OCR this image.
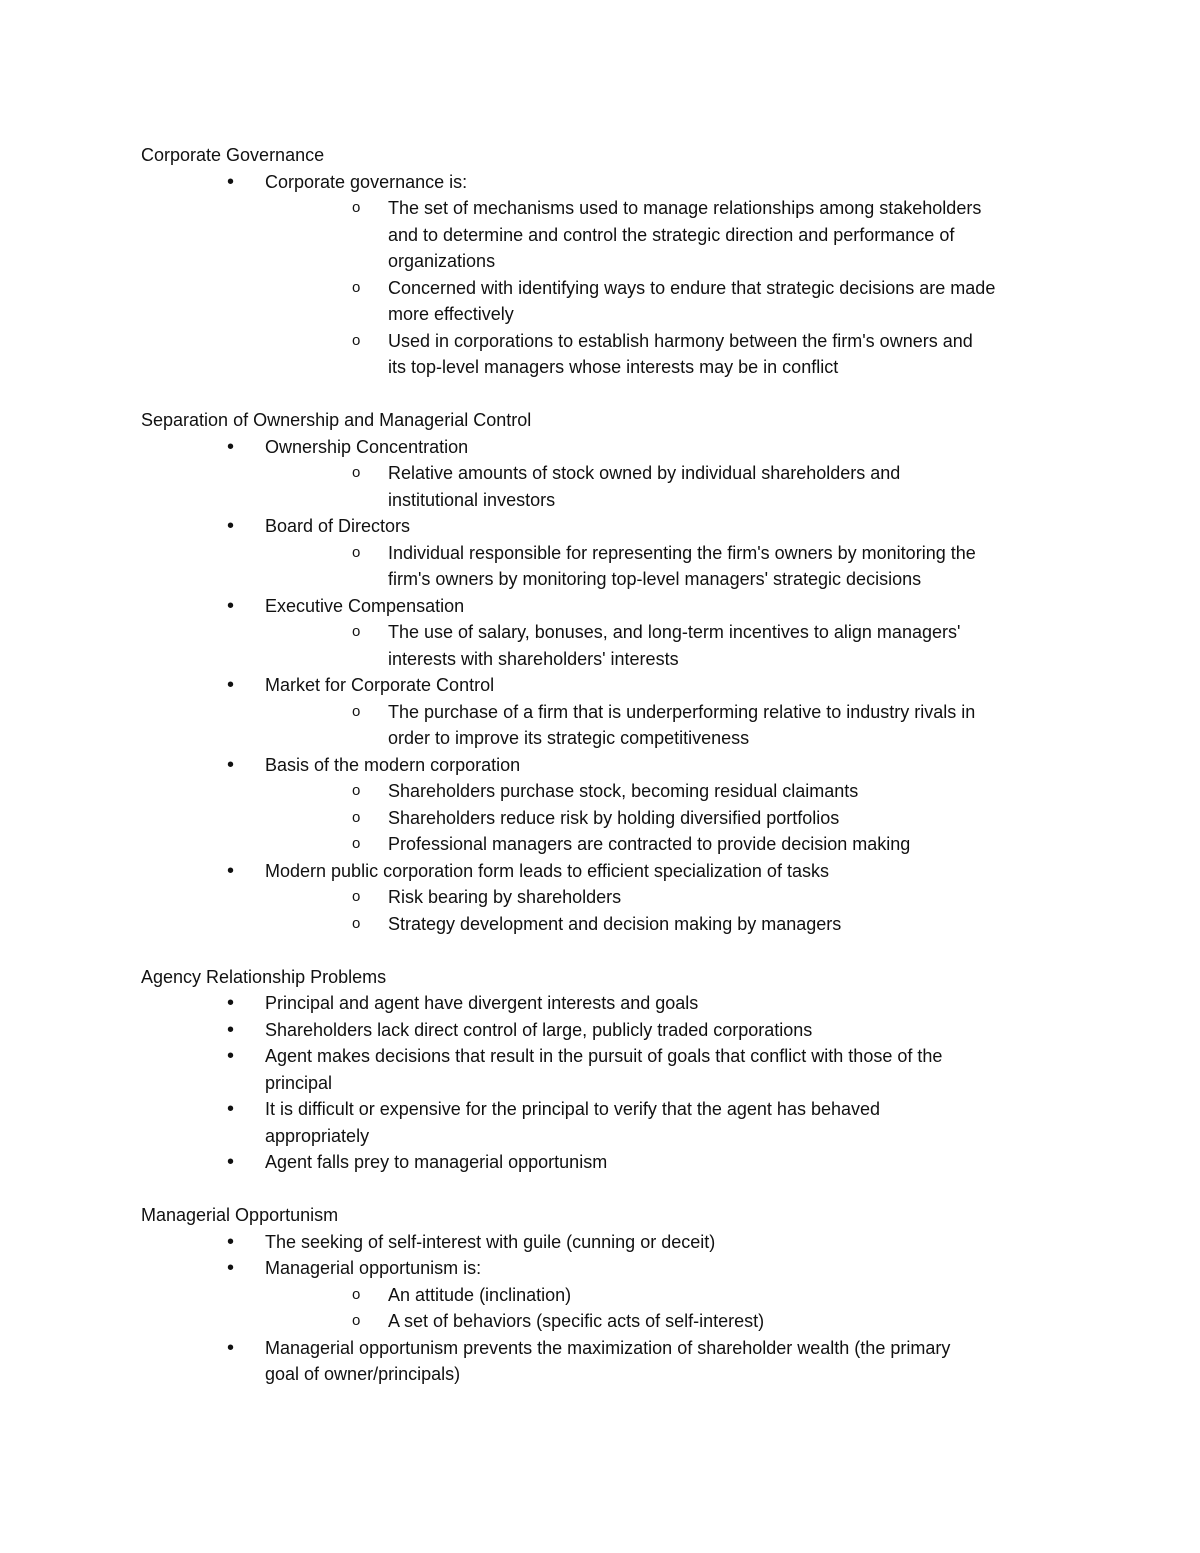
Corporate Governance
•	Corporate governance is:
o	The set of mechanisms used to manage relationships among stakeholders
and to determine and control the strategic direction and performance of
organizations
o	Concerned with identifying ways to endure that strategic decisions are made
more effectively
o	Used in corporations to establish harmony between the firm's owners and
its top-level managers whose interests may be in conflict
Separation of Ownership and Managerial Control
•	Ownership Concentration
o	Relative amounts of stock owned by individual shareholders and
institutional investors
•	Board of Directors
o	Individual responsible for representing the firm's owners by monitoring the
firm's owners by monitoring top-level managers' strategic decisions
•	Executive Compensation
o	The use of salary, bonuses, and long-term incentives to align managers'
interests with shareholders' interests
•	Market for Corporate Control
o	The purchase of a firm that is underperforming relative to industry rivals in
order to improve its strategic competitiveness
•	Basis of the modern corporation
o	Shareholders purchase stock, becoming residual claimants
o	Shareholders reduce risk by holding diversified portfolios
o	Professional managers are contracted to provide decision making
•	Modern public corporation form leads to efficient specialization of tasks
o	Risk bearing by shareholders
o	Strategy development and decision making by managers
Agency Relationship Problems
•	Principal and agent have divergent interests and goals
•	Shareholders lack direct control of large, publicly traded corporations
•	Agent makes decisions that result in the pursuit of goals that conflict with those of the
principal
•	It is difficult or expensive for the principal to verify that the agent has behaved
appropriately
•	Agent falls prey to managerial opportunism
Managerial Opportunism
•	The seeking of self-interest with guile (cunning or deceit)
•	Managerial opportunism is:
o	An attitude (inclination)
o	A set of behaviors (specific acts of self-interest)
•	Managerial opportunism prevents the maximization of shareholder wealth (the primary
goal of owner/principals)
